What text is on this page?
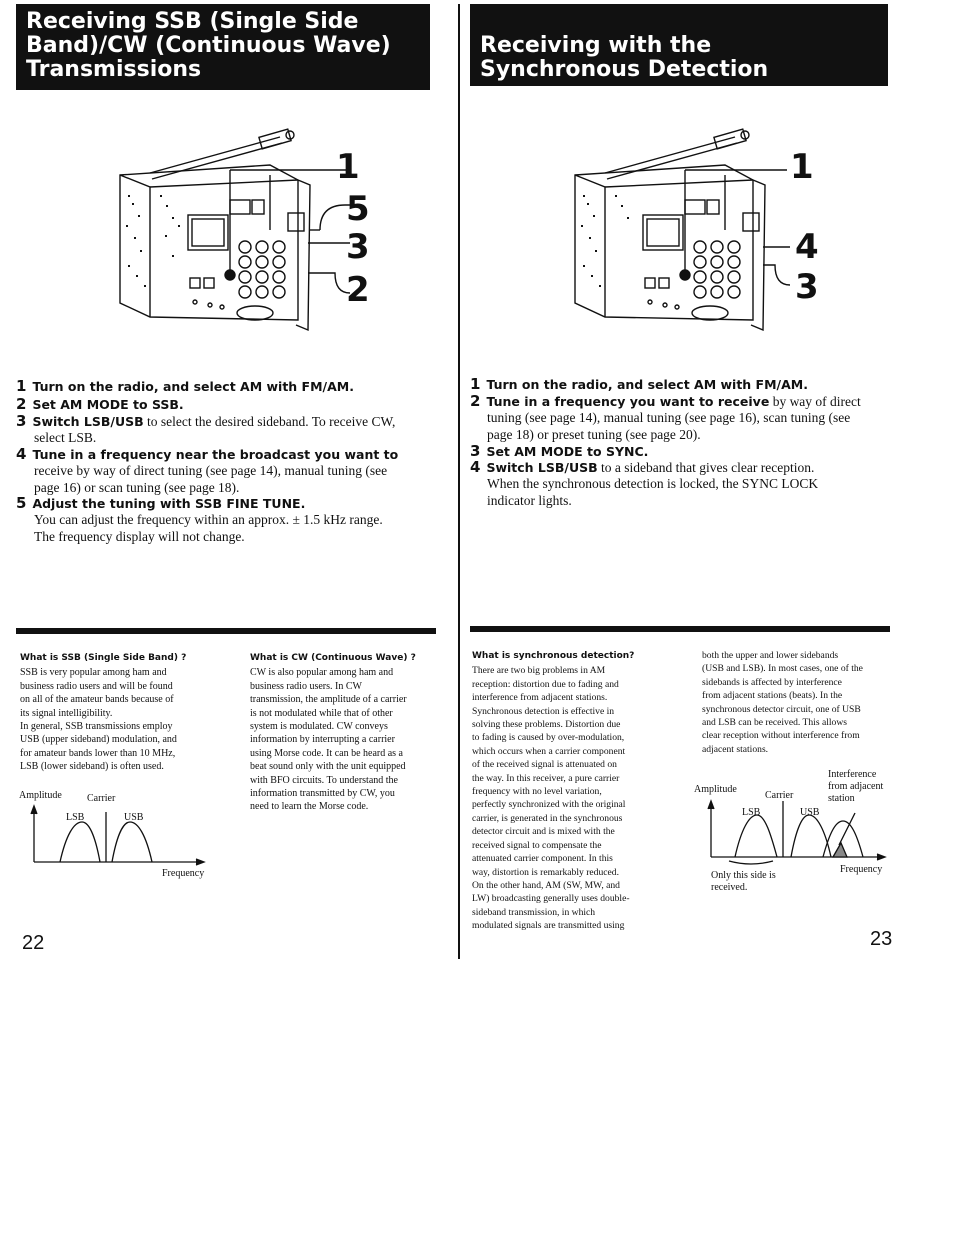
Receiving SSB (Single Side
Band)/CW (Continuous Wave)
Transmissions
1
5
3
2
1 Turn on the radio, and select AM with FM/AM.
2 Set AM MODE to SSB.
3 Switch LSB/USB to select the desired sideband. To receive CW,
select LSB.
4 Tune in a frequency near the broadcast you want to
receive by way of direct tuning (see page 14), manual tuning (see
page 16) or scan tuning (see page 18).
5 Adjust the tuning with SSB FINE TUNE.
You can adjust the frequency within an approx. ± 1.5 kHz range.
The frequency display will not change.
What is SSB (Single Side Band) ?
SSB is very popular among ham and
business radio users and will be found
on all of the amateur bands because of
its signal intelligibility.
In general, SSB transmissions employ
USB (upper sideband) modulation, and
for amateur bands lower than 10 MHz,
LSB (lower sideband) is often used.
What is CW (Continuous Wave) ?
CW is also popular among ham and
business radio users. In CW
transmission, the amplitude of a carrier
is not modulated while that of other
system is modulated. CW conveys
information by interrupting a carrier
using Morse code. It can be heard as a
beat sound only with the unit equipped
with BFO circuits. To understand the
information transmitted by CW, you
need to learn the Morse code.
Amplitude	Carrier
LSB	USB
Frequency
22
Receiving with the
Synchronous Detection
1
4
3
1 Turn on the radio, and select AM with FM/AM.
2 Tune in a frequency you want to receive by way of direct
tuning (see page 14), manual tuning (see page 16), scan tuning (see
page 18) or preset tuning (see page 20).
3 Set AM MODE to SYNC.
4 Switch LSB/USB to a sideband that gives clear reception.
When the synchronous detection is locked, the SYNC LOCK
indicator lights.
What is synchronous detection?
There are two big problems in AM
reception: distortion due to fading and
interference from adjacent stations.
Synchronous detection is effective in
solving these problems. Distortion due
to fading is caused by over-modulation,
which occurs when a carrier component
of the received signal is attenuated on
the way. In this receiver, a pure carrier
frequency with no level variation,
perfectly synchronized with the original
carrier, is generated in the synchronous
detector circuit and is mixed with the
received signal to compensate the
attenuated carrier component. In this
way, distortion is remarkably reduced.
On the other hand, AM (SW, MW, and
LW) broadcasting generally uses double-
sideband transmission, in which
modulated signals are transmitted using
both the upper and lower sidebands
(USB and LSB). In most cases, one of the
sidebands is affected by interference
from adjacent stations (beats). In the
synchronous detector circuit, one of USB
and LSB can be received. This allows
clear reception without interference from
adjacent stations.
Amplitude
Carrier
LSB	USB
Interference
from adjacent
station
Frequency
Only this side is
received.
23
